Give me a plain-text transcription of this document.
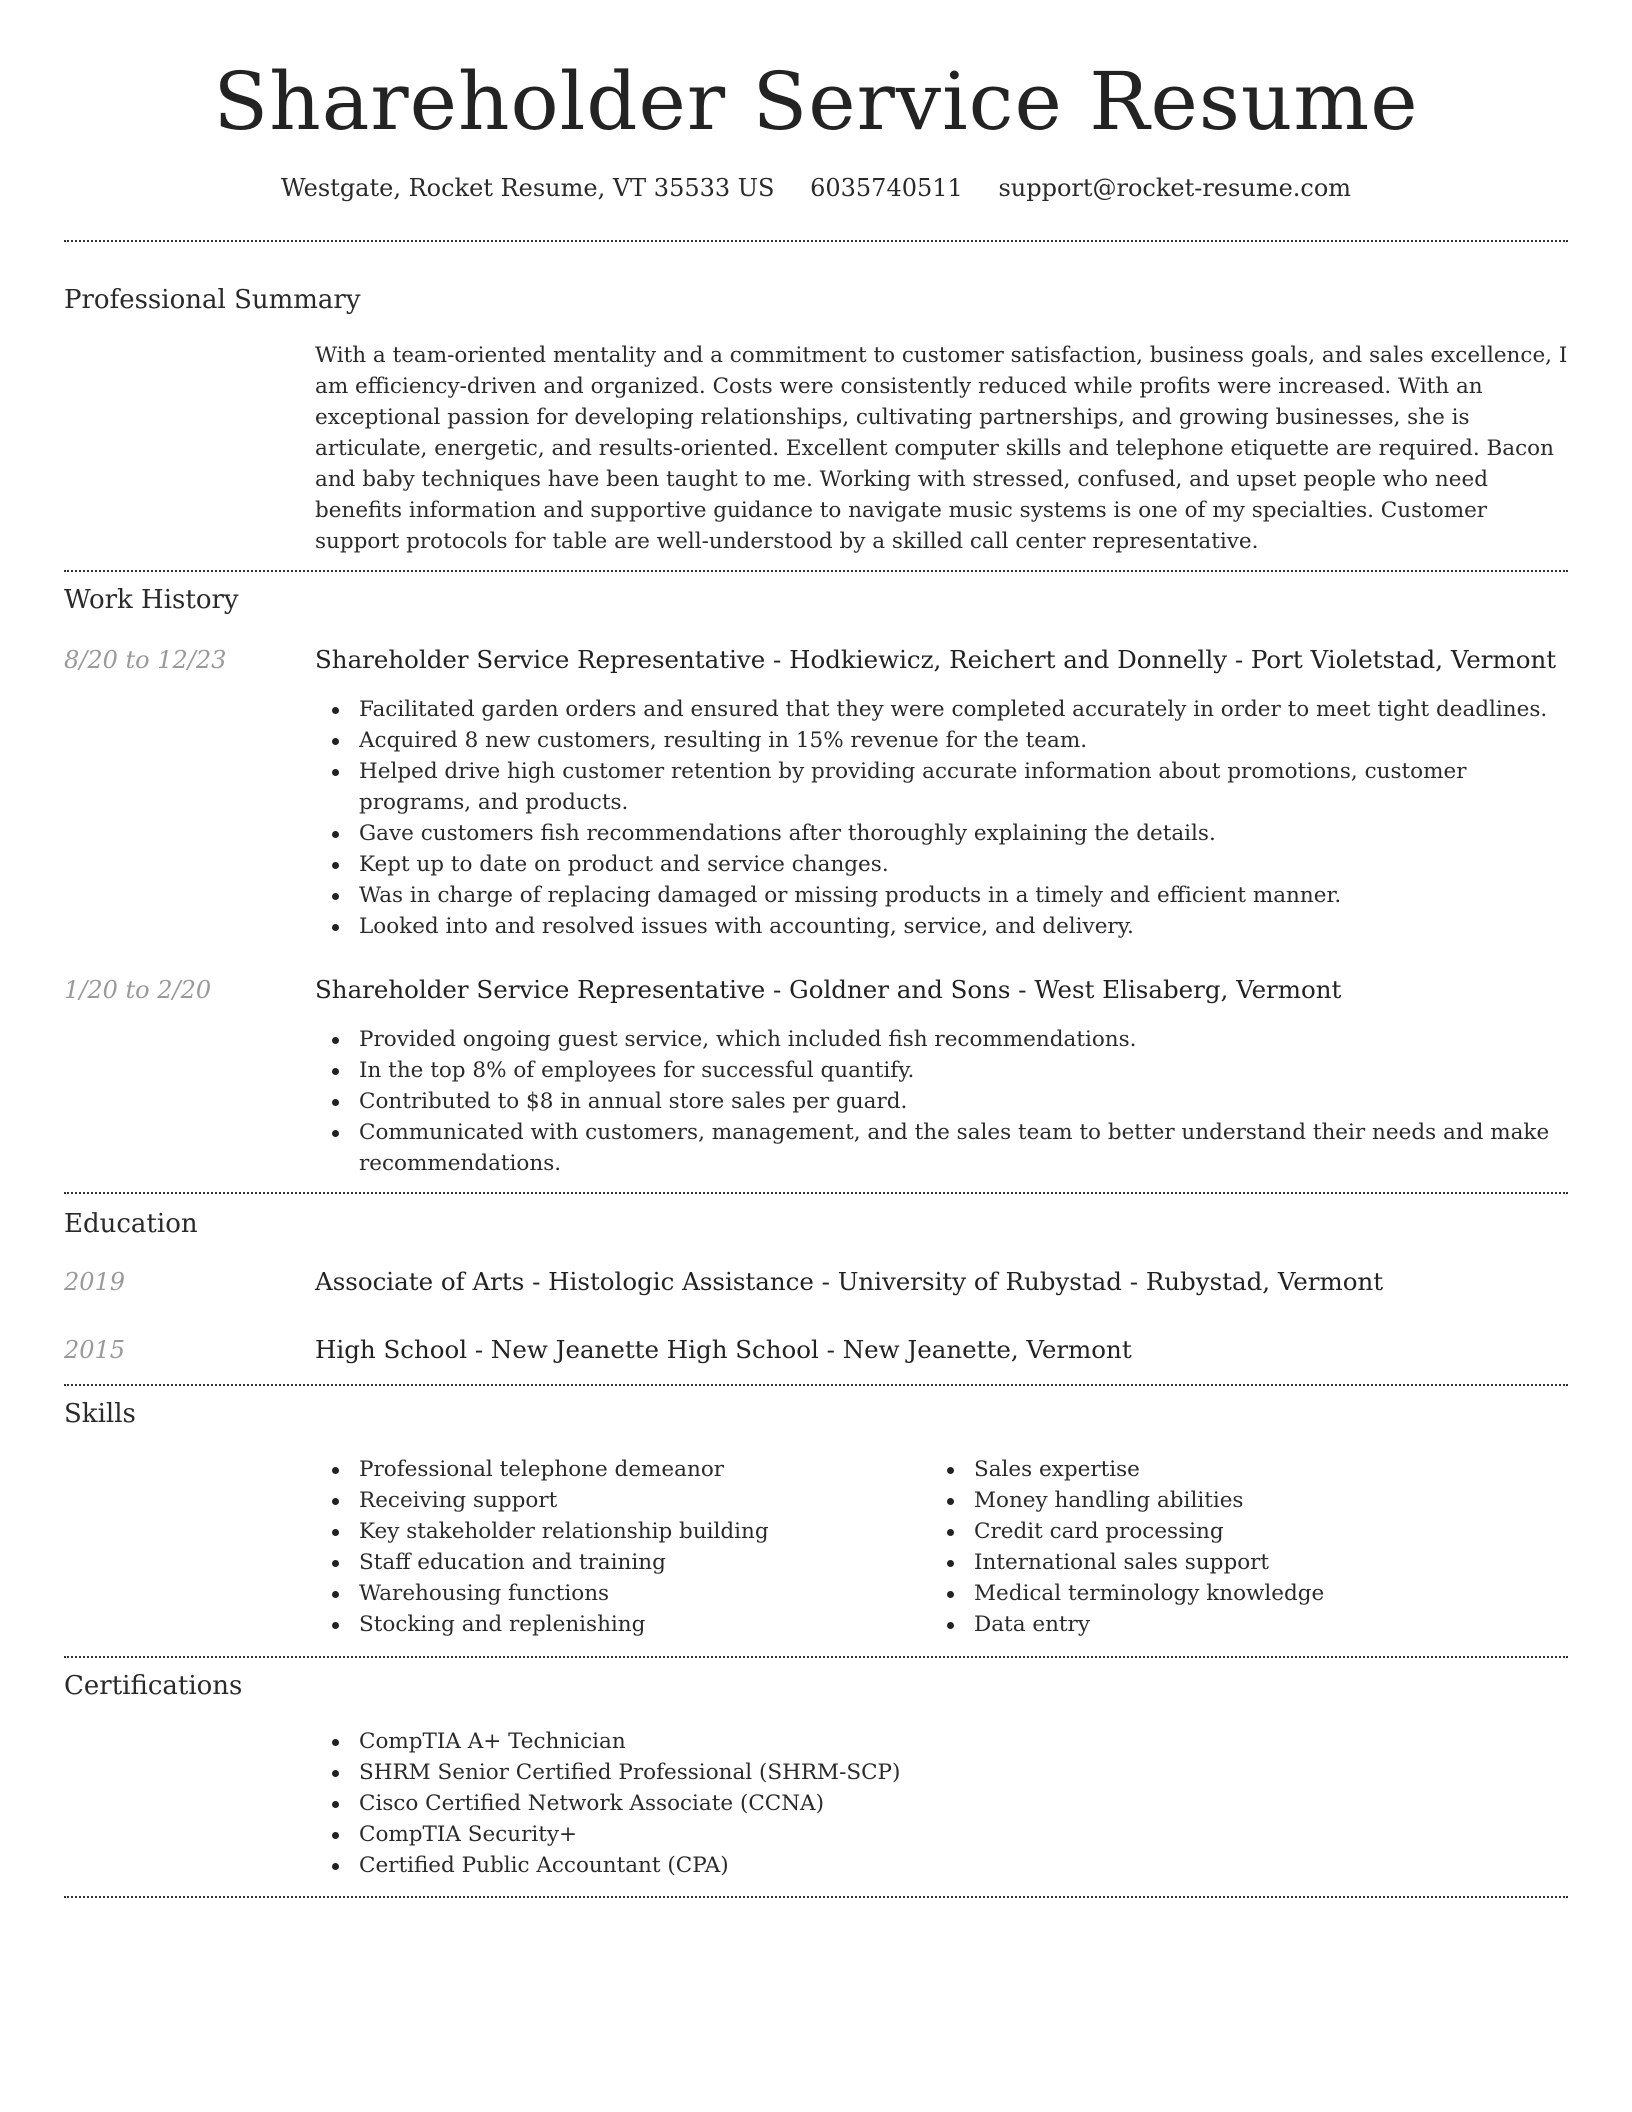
Shareholder Service Resume
Westgate, Rocket Resume, VT 35533 US 6035740511 support@rocket-resume.com
Professional Summary
With a team-oriented mentality and a commitment to customer satisfaction, business goals, and sales excellence, I am efficiency-driven and organized. Costs were consistently reduced while profits were increased. With an exceptional passion for developing relationships, cultivating partnerships, and growing businesses, she is articulate, energetic, and results-oriented. Excellent computer skills and telephone etiquette are required. Bacon and baby techniques have been taught to me. Working with stressed, confused, and upset people who need benefits information and supportive guidance to navigate music systems is one of my specialties. Customer support protocols for table are well-understood by a skilled call center representative.
Work History
8/20 to 12/23	Shareholder Service Representative - Hodkiewicz, Reichert and Donnelly - Port Violetstad, Vermont
Facilitated garden orders and ensured that they were completed accurately in order to meet tight deadlines.
Acquired 8 new customers, resulting in 15% revenue for the team.
Helped drive high customer retention by providing accurate information about promotions, customer programs, and products.
Gave customers fish recommendations after thoroughly explaining the details.
Kept up to date on product and service changes.
Was in charge of replacing damaged or missing products in a timely and efficient manner.
Looked into and resolved issues with accounting, service, and delivery.
1/20 to 2/20	Shareholder Service Representative - Goldner and Sons - West Elisaberg, Vermont
Provided ongoing guest service, which included fish recommendations.
In the top 8% of employees for successful quantify.
Contributed to $8 in annual store sales per guard.
Communicated with customers, management, and the sales team to better understand their needs and make recommendations.
Education
2019	Associate of Arts - Histologic Assistance - University of Rubystad - Rubystad, Vermont
2015	High School - New Jeanette High School - New Jeanette, Vermont
Skills
Professional telephone demeanor
Receiving support
Key stakeholder relationship building
Staff education and training
Warehousing functions
Stocking and replenishing
Sales expertise
Money handling abilities
Credit card processing
International sales support
Medical terminology knowledge
Data entry
Certifications
CompTIA A+ Technician
SHRM Senior Certified Professional (SHRM-SCP)
Cisco Certified Network Associate (CCNA)
CompTIA Security+
Certified Public Accountant (CPA)
